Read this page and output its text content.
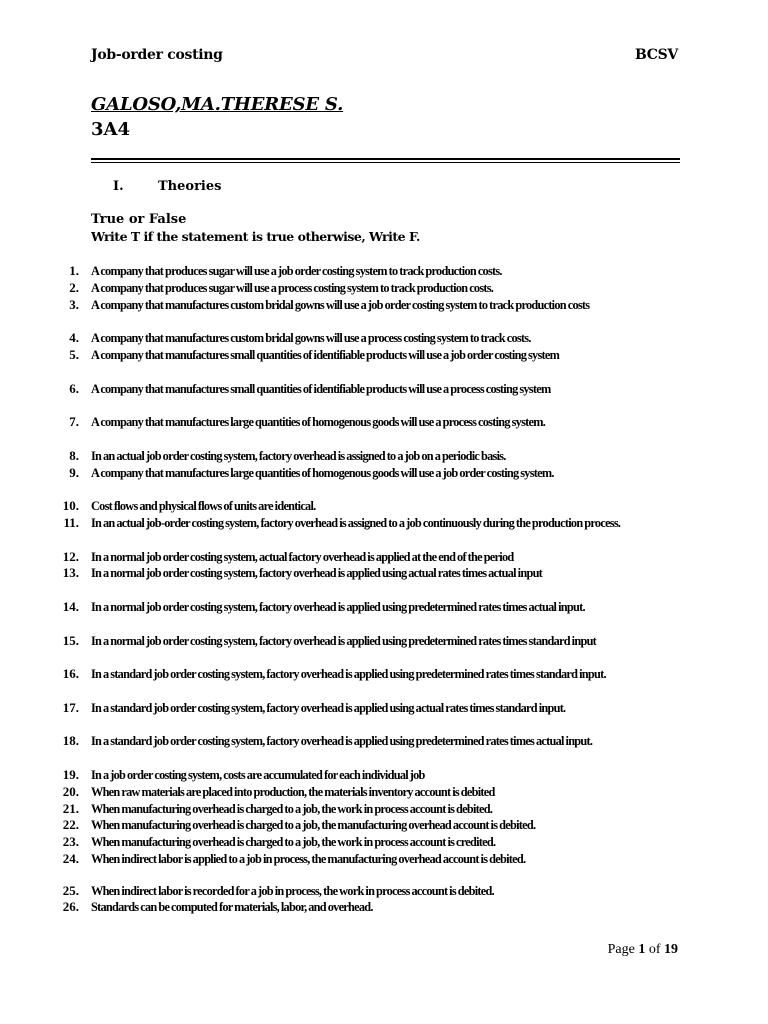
Job-order costing	BCSV
GALOSO,MA.THERESE S.
3A4
I.	Theories
True or False
Write T if the statement is true otherwise, Write F.
1. A company that produces sugar will use a job order costing system to track production costs.
2. A company that produces sugar will use a process costing system to track production costs.
3. A company that manufactures custom bridal gowns will use a job order costing system to track production costs
4. A company that manufactures custom bridal gowns will use a process costing system to track costs.
5. A company that manufactures small quantities of identifiable products will use a job order costing system
6. A company that manufactures small quantities of identifiable products will use a process costing system
7. A company that manufactures large quantities of homogenous goods will use a process costing system.
8. In an actual job order costing system, factory overhead is assigned to a job on a periodic basis.
9. A company that manufactures large quantities of homogenous goods will use a job order costing system.
10. Cost flows and physical flows of units are identical.
11. In an actual job-order costing system, factory overhead is assigned to a job continuously during the production process.
12. In a normal job order costing system, actual factory overhead is applied at the end of the period
13. In a normal job order costing system, factory overhead is applied using actual rates times actual input
14. In a normal job order costing system, factory overhead is applied using predetermined rates times actual input.
15. In a normal job order costing system, factory overhead is applied using predetermined rates times standard input
16. In a standard job order costing system, factory overhead is applied using predetermined rates times standard input.
17. In a standard job order costing system, factory overhead is applied using actual rates times standard input.
18. In a standard job order costing system, factory overhead is applied using predetermined rates times actual input.
19. In a job order costing system, costs are accumulated for each individual job
20. When raw materials are placed into production, the materials inventory account is debited
21. When manufacturing overhead is charged to a job, the work in process account is debited.
22. When manufacturing overhead is charged to a job, the manufacturing overhead account is debited.
23. When manufacturing overhead is charged to a job, the work in process account is credited.
24. When indirect labor is applied to a job in process, the manufacturing overhead account is debited.
25. When indirect labor is recorded for a job in process, the work in process account is debited.
26. Standards can be computed for materials, labor, and overhead.
Page 1 of 19
